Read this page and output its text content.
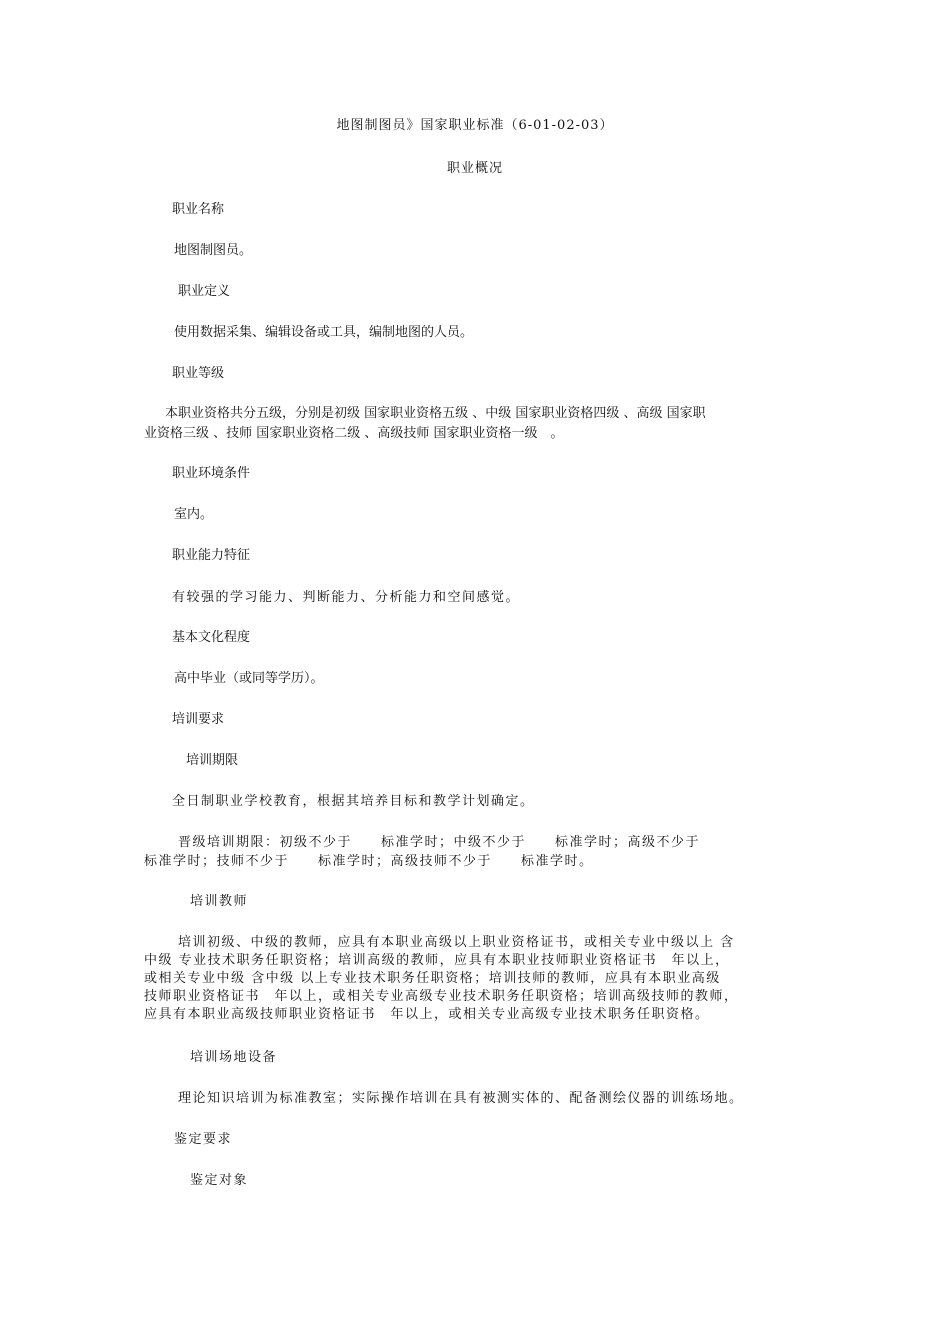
地图制图员》国家职业标准（6-01-02-03）
职业概况
职业名称
地图制图员。
职业定义
使用数据采集、编辑设备或工具，编制地图的人员。
职业等级
本职业资格共分五级，分别是初级 国家职业资格五级 、中级 国家职业资格四级 、高级 国家职
业资格三级 、技师 国家职业资格二级 、高级技师 国家职业资格一级　。
职业环境条件
室内。
职业能力特征
有较强的学习能力、判断能力、分析能力和空间感觉。
基本文化程度
高中毕业（或同等学历）。
培训要求
培训期限
全日制职业学校教育，根据其培养目标和教学计划确定。
晋级培训期限：初级不少于　　标准学时；中级不少于　　标准学时；高级不少于
标准学时；技师不少于　　标准学时；高级技师不少于　　标准学时。
培训教师
培训初级、中级的教师，应具有本职业高级以上职业资格证书，或相关专业中级以上 含
中级 专业技术职务任职资格；培训高级的教师，应具有本职业技师职业资格证书　年以上，
或相关专业中级 含中级 以上专业技术职务任职资格；培训技师的教师，应具有本职业高级
技师职业资格证书　年以上，或相关专业高级专业技术职务任职资格；培训高级技师的教师，
应具有本职业高级技师职业资格证书　年以上，或相关专业高级专业技术职务任职资格。
培训场地设备
理论知识培训为标准教室；实际操作培训在具有被测实体的、配备测绘仪器的训练场地。
鉴定要求
鉴定对象
